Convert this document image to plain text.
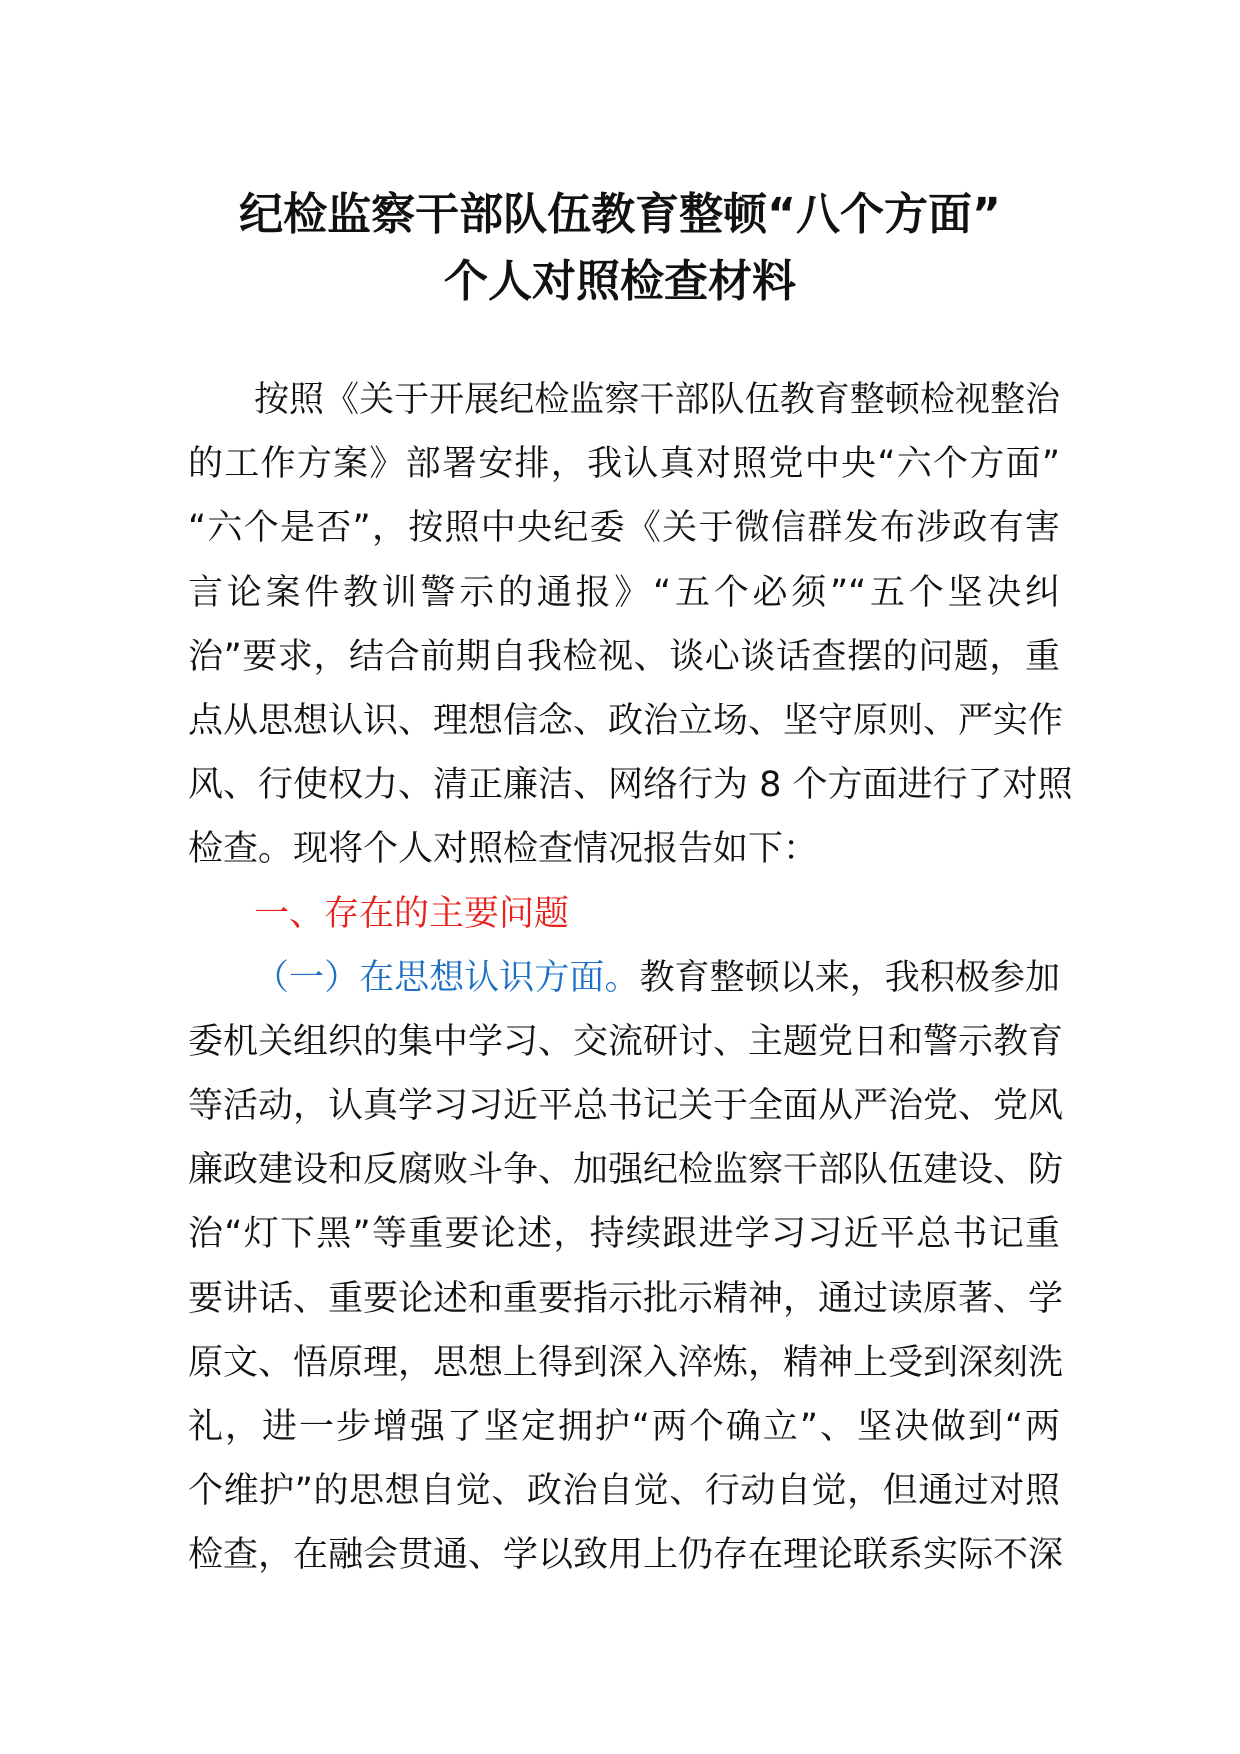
纪检监察干部队伍教育整顿“八个方面”
个人对照检查材料
按照《关于开展纪检监察干部队伍教育整顿检视整治
的工作方案》部署安排，我认真对照党中央“六个方面”
“六个是否”，按照中央纪委《关于微信群发布涉政有害
言论案件教训警示的通报》“五个必须”“五个坚决纠
治”要求，结合前期自我检视、谈心谈话查摆的问题，重
点从思想认识、理想信念、政治立场、坚守原则、严实作
风、行使权力、清正廉洁、网络行为 8 个方面进行了对照
检查。现将个人对照检查情况报告如下：
一、存在的主要问题
（一）在思想认识方面。教育整顿以来，我积极参加
委机关组织的集中学习、交流研讨、主题党日和警示教育
等活动，认真学习习近平总书记关于全面从严治党、党风
廉政建设和反腐败斗争、加强纪检监察干部队伍建设、防
治“灯下黑”等重要论述，持续跟进学习习近平总书记重
要讲话、重要论述和重要指示批示精神，通过读原著、学
原文、悟原理，思想上得到深入淬炼，精神上受到深刻洗
礼，进一步增强了坚定拥护“两个确立”、坚决做到“两
个维护”的思想自觉、政治自觉、行动自觉，但通过对照
检查，在融会贯通、学以致用上仍存在理论联系实际不深
